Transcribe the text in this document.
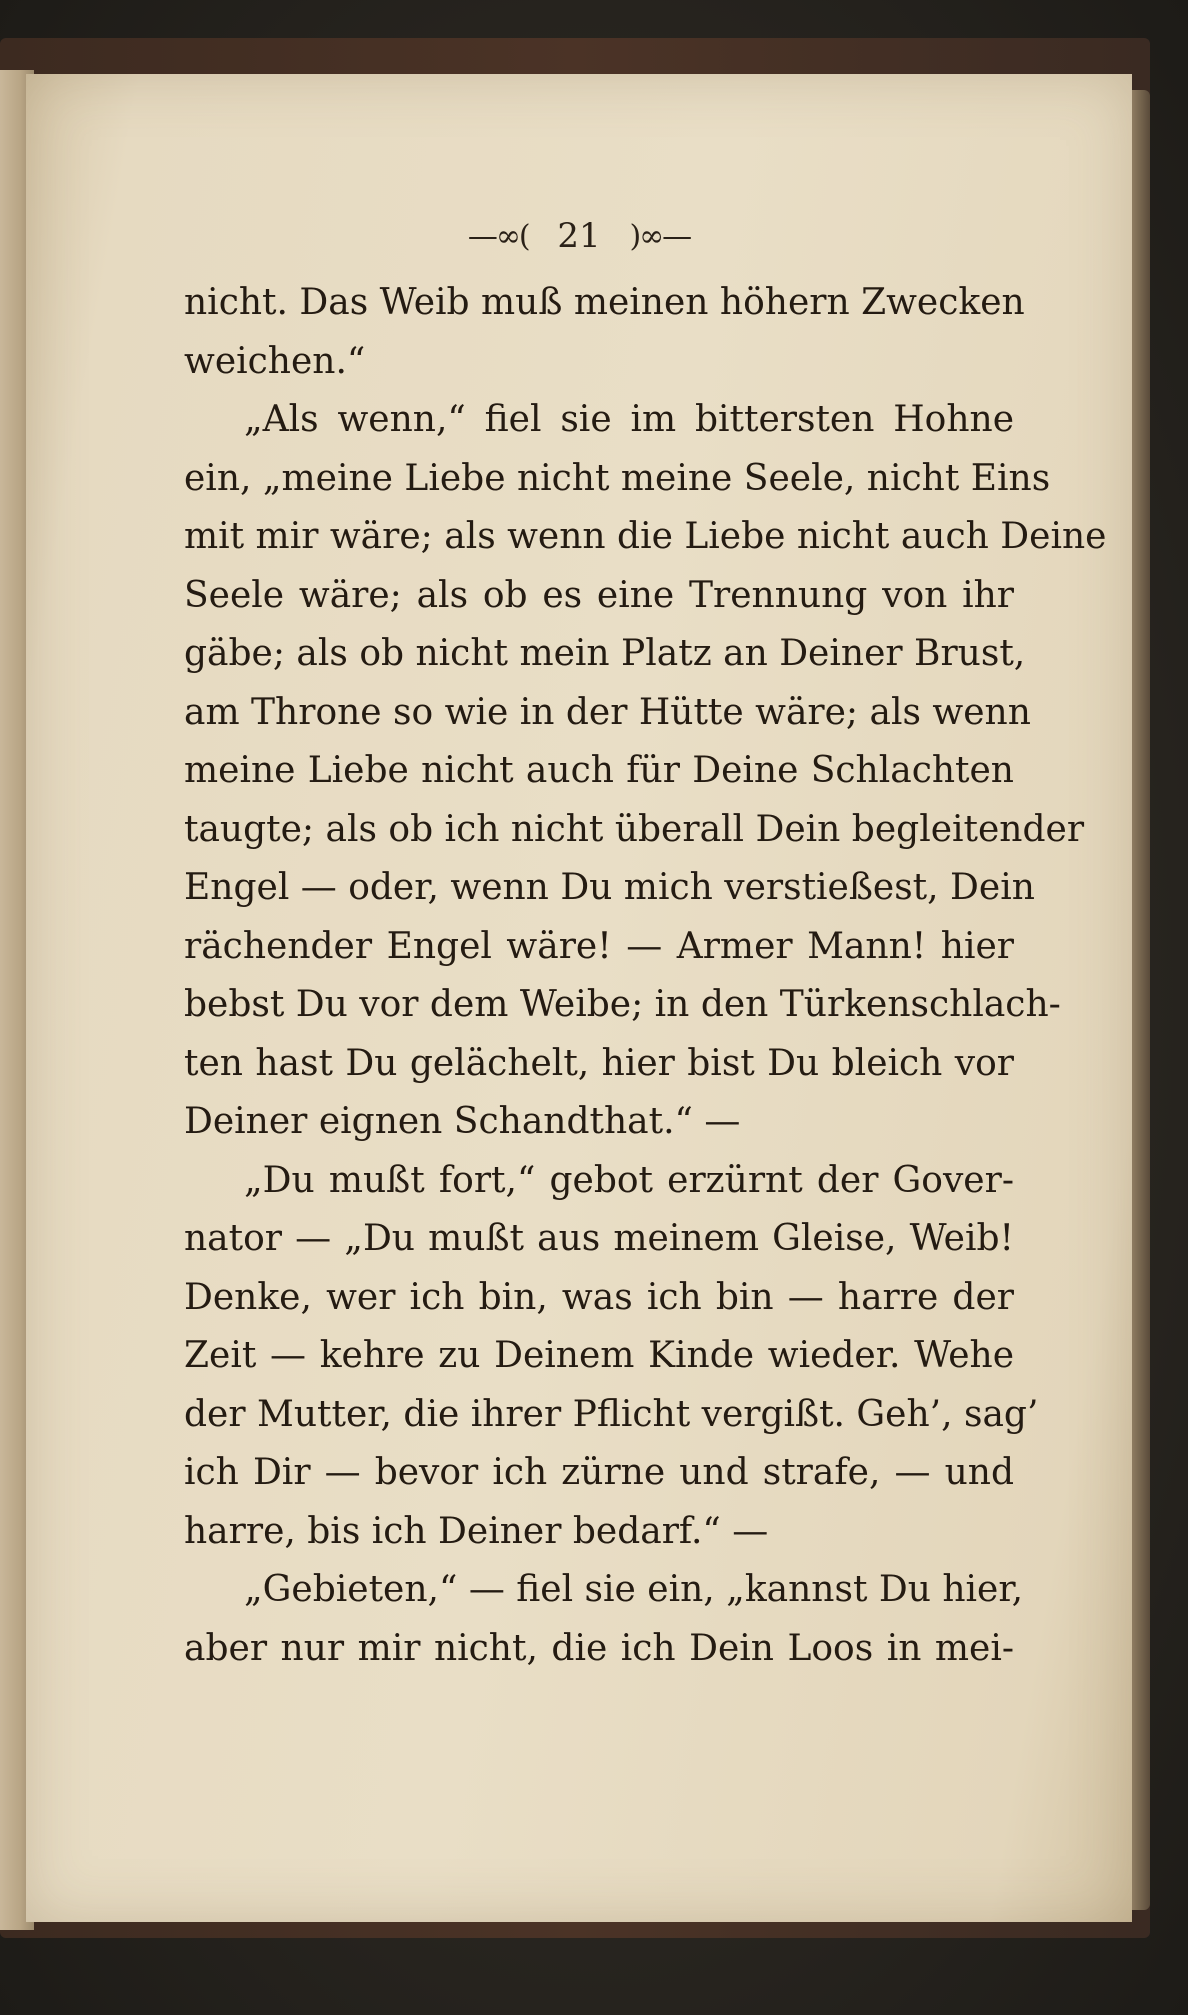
—∞( 21 )∞—
nicht. Das Weib muß meinen höhern Zwecken
weichen.“
„Als wenn,“ fiel sie im bittersten Hohne
ein, „meine Liebe nicht meine Seele, nicht Eins
mit mir wäre; als wenn die Liebe nicht auch Deine
Seele wäre; als ob es eine Trennung von ihr
gäbe; als ob nicht mein Platz an Deiner Brust,
am Throne so wie in der Hütte wäre; als wenn
meine Liebe nicht auch für Deine Schlachten
taugte; als ob ich nicht überall Dein begleitender
Engel — oder, wenn Du mich verstießest, Dein
rächender Engel wäre! — Armer Mann! hier
bebst Du vor dem Weibe; in den Türkenschlach-
ten hast Du gelächelt, hier bist Du bleich vor
Deiner eignen Schandthat.“ —
„Du mußt fort,“ gebot erzürnt der Gover-
nator — „Du mußt aus meinem Gleise, Weib!
Denke, wer ich bin, was ich bin — harre der
Zeit — kehre zu Deinem Kinde wieder. Wehe
der Mutter, die ihrer Pflicht vergißt. Geh’, sag’
ich Dir — bevor ich zürne und strafe, — und
harre, bis ich Deiner bedarf.“ —
„Gebieten,“ — fiel sie ein, „kannst Du hier,
aber nur mir nicht, die ich Dein Loos in mei-
